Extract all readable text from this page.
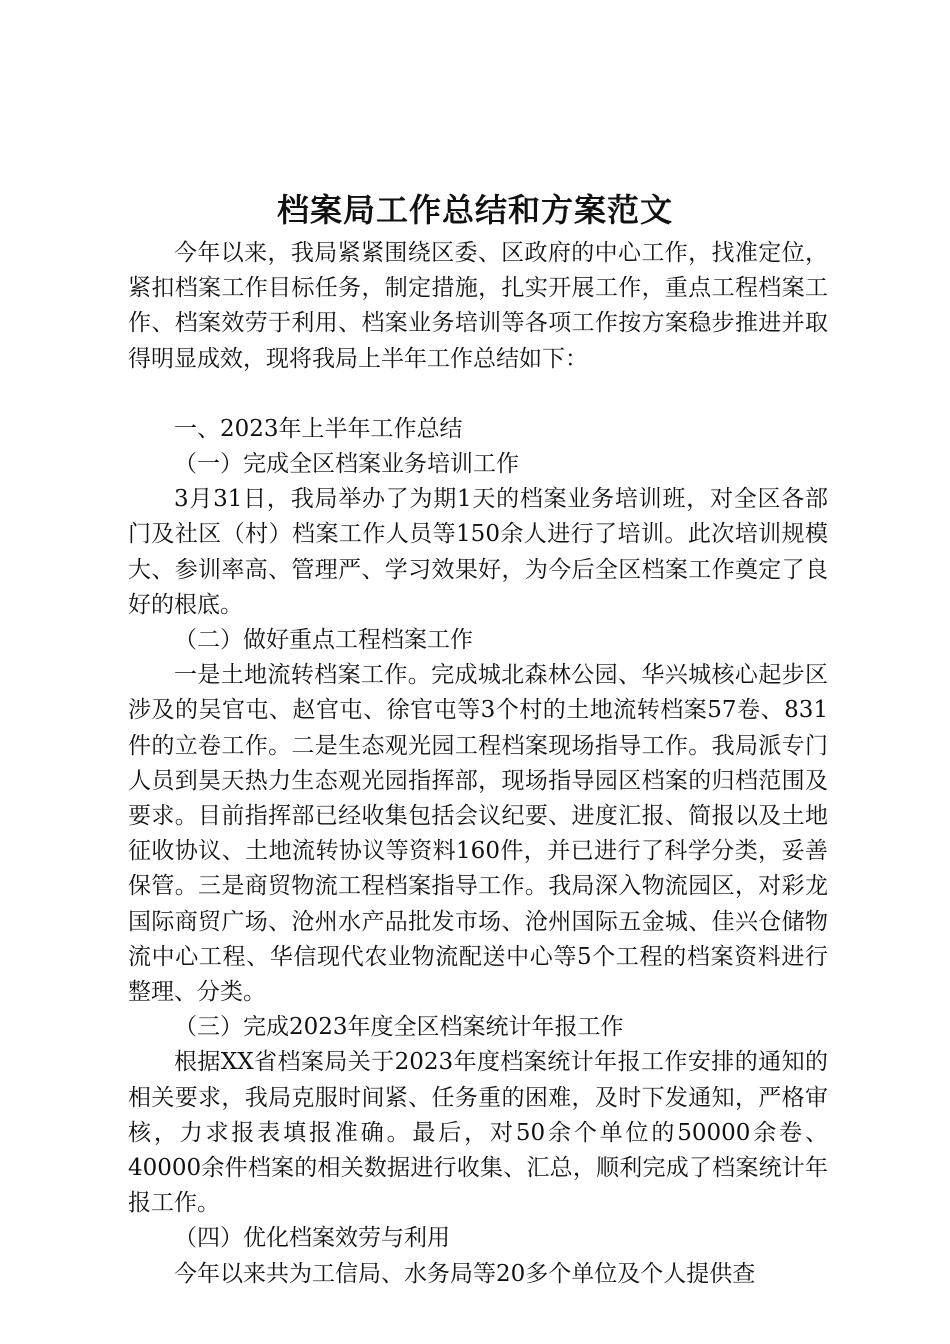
档案局工作总结和方案范文

今年以来，我局紧紧围绕区委、区政府的中心工作，找准定位，紧扣档案工作目标任务，制定措施，扎实开展工作，重点工程档案工作、档案效劳于利用、档案业务培训等各项工作按方案稳步推进并取得明显成效，现将我局上半年工作总结如下：

一、2023年上半年工作总结

（一）完成全区档案业务培训工作

3月31日，我局举办了为期1天的档案业务培训班，对全区各部门及社区（村）档案工作人员等150余人进行了培训。此次培训规模大、参训率高、管理严、学习效果好，为今后全区档案工作奠定了良好的根底。

（二）做好重点工程档案工作

一是土地流转档案工作。完成城北森林公园、华兴城核心起步区涉及的吴官屯、赵官屯、徐官屯等3个村的土地流转档案57卷、831件的立卷工作。二是生态观光园工程档案现场指导工作。我局派专门人员到昊天热力生态观光园指挥部，现场指导园区档案的归档范围及要求。目前指挥部已经收集包括会议纪要、进度汇报、简报以及土地征收协议、土地流转协议等资料160件，并已进行了科学分类，妥善保管。三是商贸物流工程档案指导工作。我局深入物流园区，对彩龙国际商贸广场、沧州水产品批发市场、沧州国际五金城、佳兴仓储物流中心工程、华信现代农业物流配送中心等5个工程的档案资料进行整理、分类。

（三）完成2023年度全区档案统计年报工作

根据XX省档案局关于2023年度档案统计年报工作安排的通知的相关要求，我局克服时间紧、任务重的困难，及时下发通知，严格审核，力求报表填报准确。最后，对50余个单位的50000余卷、40000余件档案的相关数据进行收集、汇总，顺利完成了档案统计年报工作。

（四）优化档案效劳与利用

今年以来共为工信局、水务局等20多个单位及个人提供查
